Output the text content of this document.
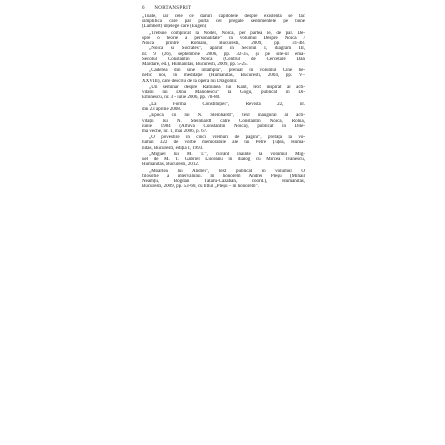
6 NORTANSPRIT
„Toate, iar cele ce daruri capitolele despre existentă se fac
simplifica care par purtă cel pregate sentimentele pe bune
(Lambert) înțelege care (Eugen)
„Trebuie complicat la Nodel, Noica, per partea le, de pal. De-
spre o teorie a personalitate” în volumul Despre Noica /
Noica printre Romani, Bucuresti, 2009, pp. 31-48.
„Noica si Socrates”, aparut in Secolul I, diagram III,
nr. 9 (26), septembrie 2006, pp. 32-35, și pe site-ul ema-
Secolul Constantin Noica (Centrul de Cercetare Dan
Mardare, ed.), Humanitas, Bucuresti, 2009, pp. 5-25.
„Căderea din sine întâmplă”, preluat în volumul Cine be-
nefic noi, în meditație (Humanitas, Bucuresti, 2004, pp. V–
XXVIII), care descriu de la opera lui Dragomir.
„Un seminar despre Ratiunea lui Kant, text inspirat al acti-
vitătii lui Dinu Manolescu” la Gogu, publicat în Di-
Eminescu, nr. 3 - iulie 2006, pp. 78-80.
„La Forma Constituției”, Revista 22, nr.
din 23 aprilie 2008.
„Epocă cu lui N. Steinhardt”, text inaugural al acti-
vității lui N. Steinhardt către Constantin Noica, Rohia,
iunie 1984 (Arhiva Constantin Noica), publicat în Dile-
ma veche, nr. 1, mai 2006, p. 67.
„O povestire în cinci vremuri de pagini”, prefață la vo-
lumul 322 de vorbe memorabile ale lui Petre Țuțea, Huma-
nitas, Bucuresti, ediția I, 1993.
„Miguel lui M. T.”, cuvânt înainte la volumul Mig-
uel de M. T. Gabriel Liiceanu în dialog cu Mircea Ivănescu,
Humanitas, Bucuresti, 2012.
„Moartea lui Andrei”, text publicat în volumul O
filosofie a intervalului. În honorem Andrei Pleșu (Mihail
Neamțu, Bogdan Tătaru-Cazaban, coord.), Humanitas,
Bucuresti, 2009, pp. 53-60, cu titlul „Pleșu – în honorem”.
